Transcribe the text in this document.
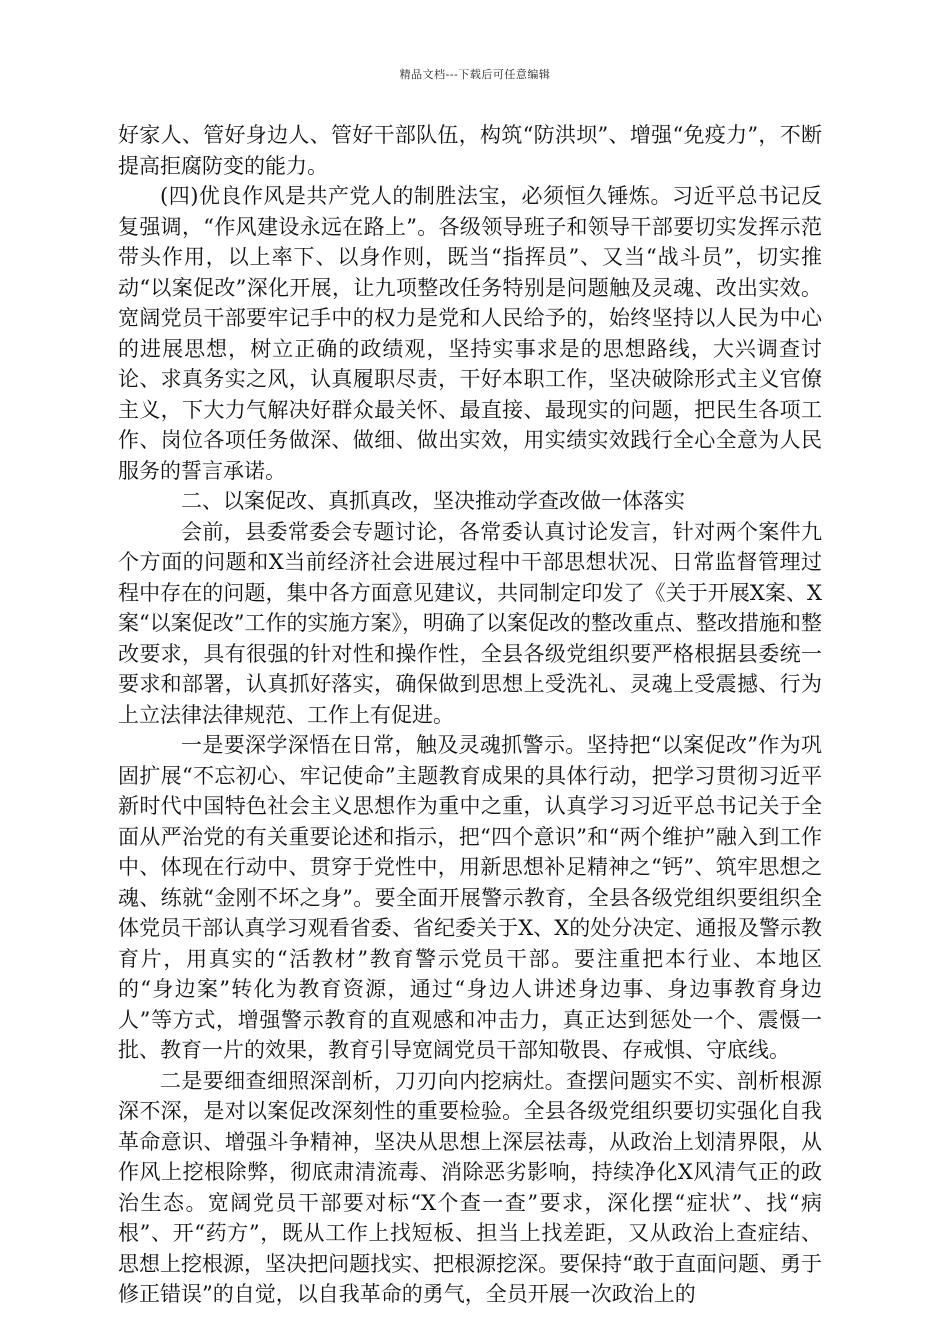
精品文档---下载后可任意编辑

好家人、管好身边人、管好干部队伍，构筑“防洪坝”、增强“免疫力”，不断提高拒腐防变的能力。

(四)优良作风是共产党人的制胜法宝，必须恒久锤炼。习近平总书记反复强调，“作风建设永远在路上”。各级领导班子和领导干部要切实发挥示范带头作用，以上率下、以身作则，既当“指挥员”、又当“战斗员”，切实推动“以案促改”深化开展，让九项整改任务特别是问题触及灵魂、改出实效。宽阔党员干部要牢记手中的权力是党和人民给予的，始终坚持以人民为中心的进展思想，树立正确的政绩观，坚持实事求是的思想路线，大兴调查讨论、求真务实之风，认真履职尽责，干好本职工作，坚决破除形式主义官僚主义，下大力气解决好群众最关怀、最直接、最现实的问题，把民生各项工作、岗位各项任务做深、做细、做出实效，用实绩实效践行全心全意为人民服务的誓言承诺。

二、以案促改、真抓真改，坚决推动学查改做一体落实

会前，县委常委会专题讨论，各常委认真讨论发言，针对两个案件九个方面的问题和X当前经济社会进展过程中干部思想状况、日常监督管理过程中存在的问题，集中各方面意见建议，共同制定印发了《关于开展X案、X案“以案促改”工作的实施方案》，明确了以案促改的整改重点、整改措施和整改要求，具有很强的针对性和操作性，全县各级党组织要严格根据县委统一要求和部署，认真抓好落实，确保做到思想上受洗礼、灵魂上受震撼、行为上立法律法律规范、工作上有促进。

一是要深学深悟在日常，触及灵魂抓警示。坚持把“以案促改”作为巩固扩展“不忘初心、牢记使命”主题教育成果的具体行动，把学习贯彻习近平新时代中国特色社会主义思想作为重中之重，认真学习习近平总书记关于全面从严治党的有关重要论述和指示，把“四个意识”和“两个维护”融入到工作中、体现在行动中、贯穿于党性中，用新思想补足精神之“钙”、筑牢思想之魂、练就“金刚不坏之身”。要全面开展警示教育，全县各级党组织要组织全体党员干部认真学习观看省委、省纪委关于X、X的处分决定、通报及警示教育片，用真实的“活教材”教育警示党员干部。要注重把本行业、本地区的“身边案”转化为教育资源，通过“身边人讲述身边事、身边事教育身边人”等方式，增强警示教育的直观感和冲击力，真正达到惩处一个、震慑一批、教育一片的效果，教育引导宽阔党员干部知敬畏、存戒惧、守底线。

二是要细查细照深剖析，刀刃向内挖病灶。查摆问题实不实、剖析根源深不深，是对以案促改深刻性的重要检验。全县各级党组织要切实强化自我革命意识、增强斗争精神，坚决从思想上深层祛毒，从政治上划清界限，从作风上挖根除弊，彻底肃清流毒、消除恶劣影响，持续净化X风清气正的政治生态。宽阔党员干部要对标“X个查一查”要求，深化摆“症状”、找“病根”、开“药方”，既从工作上找短板、担当上找差距，又从政治上查症结、思想上挖根源，坚决把问题找实、把根源挖深。要保持“敢于直面问题、勇于修正错误”的自觉，以自我革命的勇气，全员开展一次政治上的
